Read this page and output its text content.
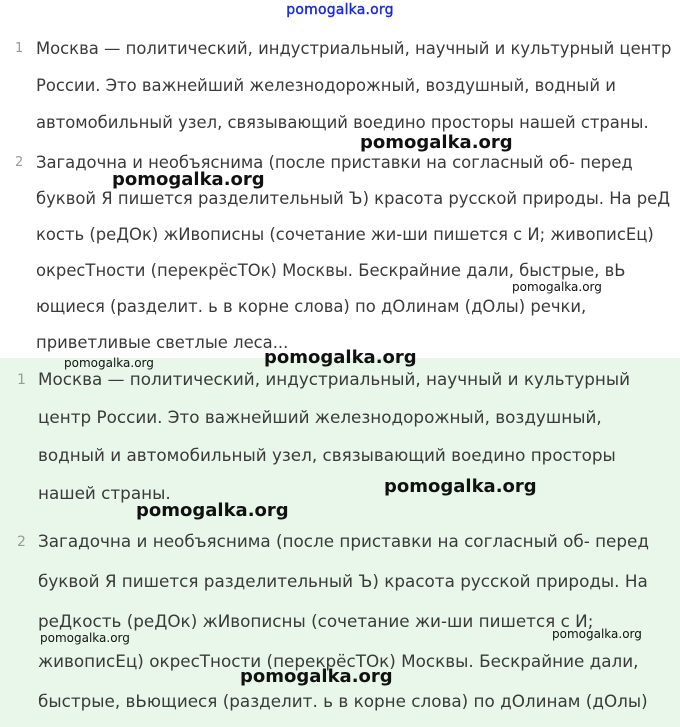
pomogalka.org
1 Москва — политический, индустриальный, научный и культурный центр
России. Это важнейший железнодорожный, воздушный, водный и
автомобильный узел, связывающий воедино просторы нашей страны.
2 Загадочна и необъяснима (после приставки на согласный об- перед
буквой Я пишется разделительный Ъ) красота русской природы. На реД
кость (реДОк) жИвописны (сочетание жи-ши пишется с И; живописЕц)
окресТности (перекрёсТОк) Москвы. Бескрайние дали, быстрые, вЬ
ющиеся (разделит. ь в корне слова) по дОлинам (дОлы) речки,
приветливые светлые леса...
1 Москва — политический, индустриальный, научный и культурный
центр России. Это важнейший железнодорожный, воздушный,
водный и автомобильный узел, связывающий воедино просторы
нашей страны.
2 Загадочна и необъяснима (после приставки на согласный об- перед
буквой Я пишется разделительный Ъ) красота русской природы. На
реДкость (реДОк) жИвописны (сочетание жи-ши пишется с И;
живописЕц) окресТности (перекрёсТОк) Москвы. Бескрайние дали,
быстрые, вЬющиеся (разделит. ь в корне слова) по дОлинам (дОлы)
pomogalka.org
pomogalka.org
pomogalka.org
pomogalka.org	pomogalka.org
pomogalka.org
pomogalka.org
pomogalka.org	pomogalka.org
pomogalka.org
